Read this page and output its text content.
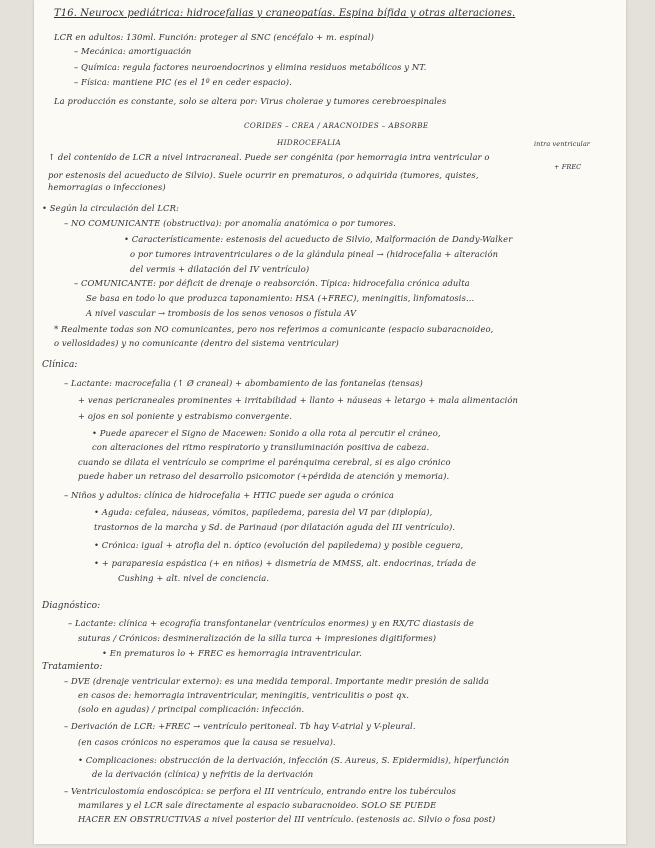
T16. Neurocx pediátrica: hidrocefalias y craneopatías. Espina bífida y otras alteraciones.
LCR en adultos: 130ml. Función: proteger al SNC (encéfalo + m. espinal)
– Mecánica: amortiguación
– Química: regula factores neuroendocrinos y elimina residuos metabólicos y NT.
– Física: mantiene PIC (es el 1º en ceder espacio).
La producción es constante, solo se altera por: Virus cholerae y tumores cerebroespinales
CORIDES – CREA / ARACNOIDES – ABSORBE
HIDROCEFALIA	intra ventricular
+ FREC
↑ del contenido de LCR a nivel intracraneal. Puede ser congénita (por hemorragia intra ventricular o
por estenosis del acueducto de Silvio). Suele ocurrir en prematuros, o adquirida (tumores, quistes,
hemorragias o infecciones)
• Según la circulación del LCR:
– NO COMUNICANTE (obstructiva): por anomalía anatómica o por tumores.
• Característicamente: estenosis del acueducto de Silvio, Malformación de Dandy-Walker
o por tumores intraventriculares o de la glándula pineal → (hidrocefalia + alteración
del vermis + dilatación del IV ventrículo)
– COMUNICANTE: por déficit de drenaje o reabsorción. Típica: hidrocefalia crónica adulta
Se basa en todo lo que produzca taponamiento: HSA (+FREC), meningitis, linfomatosis...
A nivel vascular → trombosis de los senos venosos o fístula AV
* Realmente todas son NO comunicantes, pero nos referimos a comunicante (espacio subaracnoideo,
o vellosidades) y no comunicante (dentro del sistema ventricular)
Clínica:
– Lactante: macrocefalia (↑ Ø craneal) + abombamiento de las fontanelas (tensas)
+ venas pericraneales prominentes + irritabilidad + llanto + náuseas + letargo + mala alimentación
+ ojos en sol poniente y estrabismo convergente.
• Puede aparecer el Signo de Macewen: Sonido a olla rota al percutir el cráneo,
con alteraciones del ritmo respiratorio y transiluminación positiva de cabeza.
cuando se dilata el ventrículo se comprime el parénquima cerebral, si es algo crónico
puede haber un retraso del desarrollo psicomotor (+pérdida de atención y memoria).
– Niños y adultos: clínica de hidrocefalia + HTIC puede ser aguda o crónica
• Aguda: cefalea, náuseas, vómitos, papiledema, paresia del VI par (diplopía),
trastornos de la marcha y Sd. de Parinaud (por dilatación aguda del III ventrículo).
• Crónica: igual + atrofia del n. óptico (evolución del papiledema) y posible ceguera,
• + paraparesia espástica (+ en niños) + dismetría de MMSS, alt. endocrinas, tríada de
Cushing + alt. nivel de conciencia.
Diagnóstico:
– Lactante: clínica + ecografía transfontanelar (ventrículos enormes) y en RX/TC diastasis de
suturas / Crónicos: desmineralización de la silla turca + impresiones digitiformes)
• En prematuros lo + FREC es hemorragia intraventricular.
Tratamiento:
– DVE (drenaje ventricular externo): es una medida temporal. Importante medir presión de salida
en casos de: hemorragia intraventricular, meningitis, ventriculitis o post qx.
(solo en agudas) / principal complicación: infección.
– Derivación de LCR: +FREC → ventrículo peritoneal. Tb hay V-atrial y V-pleural.
(en casos crónicos no esperamos que la causa se resuelva).
• Complicaciones: obstrucción de la derivación, infección (S. Aureus, S. Epidermidis), hiperfunción
de la derivación (clínica) y nefritis de la derivación
– Ventriculostomía endoscópica: se perfora el III ventrículo, entrando entre los tubérculos
mamilares y el LCR sale directamente al espacio subaracnoideo. SOLO SE PUEDE
HACER EN OBSTRUCTIVAS a nivel posterior del III ventrículo. (estenosis ac. Silvio o fosa post)
